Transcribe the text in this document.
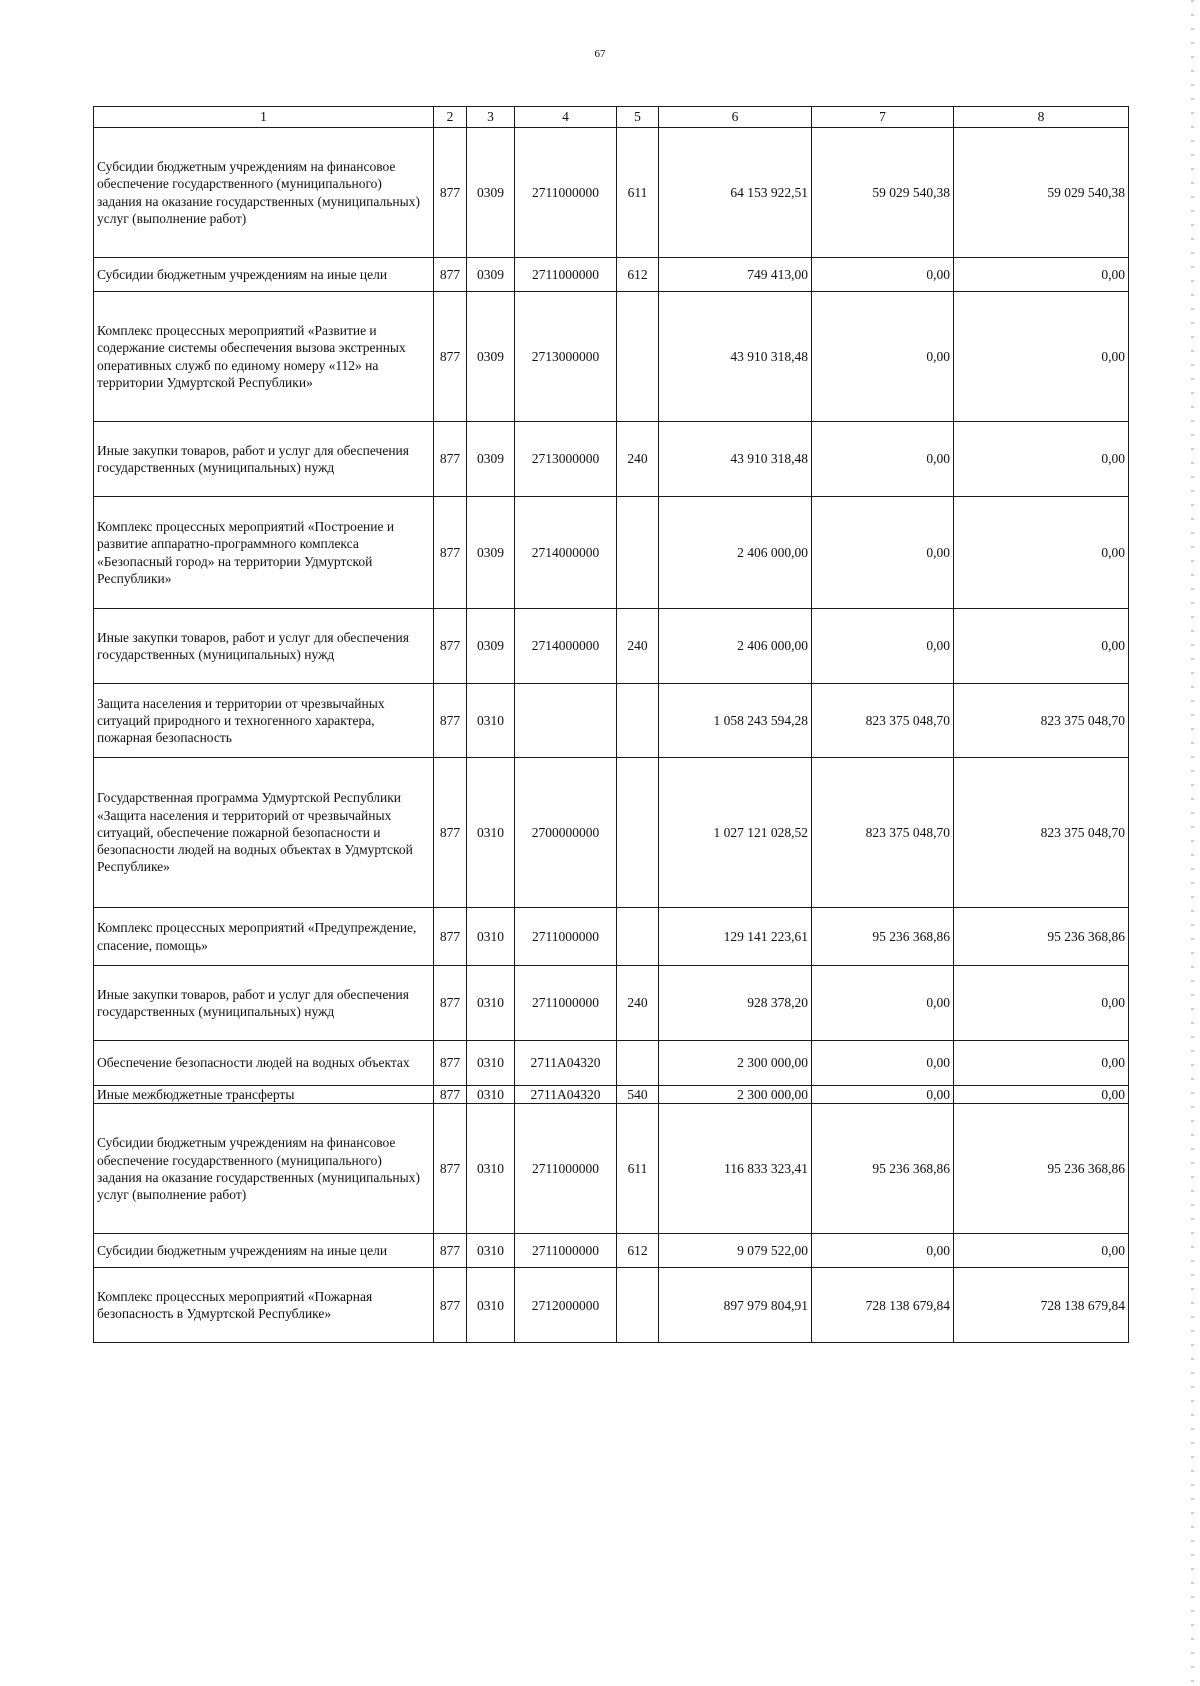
67
1	2	3	4	5	6	7	8
Субсидии бюджетным учреждениям на финансовое обеспечение государственного (муниципального) задания на оказание государственных (муниципальных) услуг (выполнение работ)	877	0309	2711000000	611	64 153 922,51	59 029 540,38	59 029 540,38
Субсидии бюджетным учреждениям на иные цели	877	0309	2711000000	612	749 413,00	0,00	0,00
Комплекс процессных мероприятий «Развитие и содержание системы обеспечения вызова экстренных оперативных служб по единому номеру «112» на территории Удмуртской Республики»	877	0309	2713000000		43 910 318,48	0,00	0,00
Иные закупки товаров, работ и услуг для обеспечения государственных (муниципальных) нужд	877	0309	2713000000	240	43 910 318,48	0,00	0,00
Комплекс процессных мероприятий «Построение и развитие аппаратно-программного комплекса «Безопасный город» на территории Удмуртской Республики»	877	0309	2714000000		2 406 000,00	0,00	0,00
Иные закупки товаров, работ и услуг для обеспечения государственных (муниципальных) нужд	877	0309	2714000000	240	2 406 000,00	0,00	0,00
Защита населения и территории от чрезвычайных ситуаций природного и техногенного характера, пожарная безопасность	877	0310			1 058 243 594,28	823 375 048,70	823 375 048,70
Государственная программа Удмуртской Республики «Защита населения и территорий от чрезвычайных ситуаций, обеспечение пожарной безопасности и безопасности людей на водных объектах в Удмуртской Республике»	877	0310	2700000000		1 027 121 028,52	823 375 048,70	823 375 048,70
Комплекс процессных мероприятий «Предупреждение, спасение, помощь»	877	0310	2711000000		129 141 223,61	95 236 368,86	95 236 368,86
Иные закупки товаров, работ и услуг для обеспечения государственных (муниципальных) нужд	877	0310	2711000000	240	928 378,20	0,00	0,00
Обеспечение безопасности людей на водных объектах	877	0310	2711А04320		2 300 000,00	0,00	0,00
Иные межбюджетные трансферты	877	0310	2711А04320	540	2 300 000,00	0,00	0,00
Субсидии бюджетным учреждениям на финансовое обеспечение государственного (муниципального) задания на оказание государственных (муниципальных) услуг (выполнение работ)	877	0310	2711000000	611	116 833 323,41	95 236 368,86	95 236 368,86
Субсидии бюджетным учреждениям на иные цели	877	0310	2711000000	612	9 079 522,00	0,00	0,00
Комплекс процессных мероприятий «Пожарная безопасность в Удмуртской Республике»	877	0310	2712000000		897 979 804,91	728 138 679,84	728 138 679,84
